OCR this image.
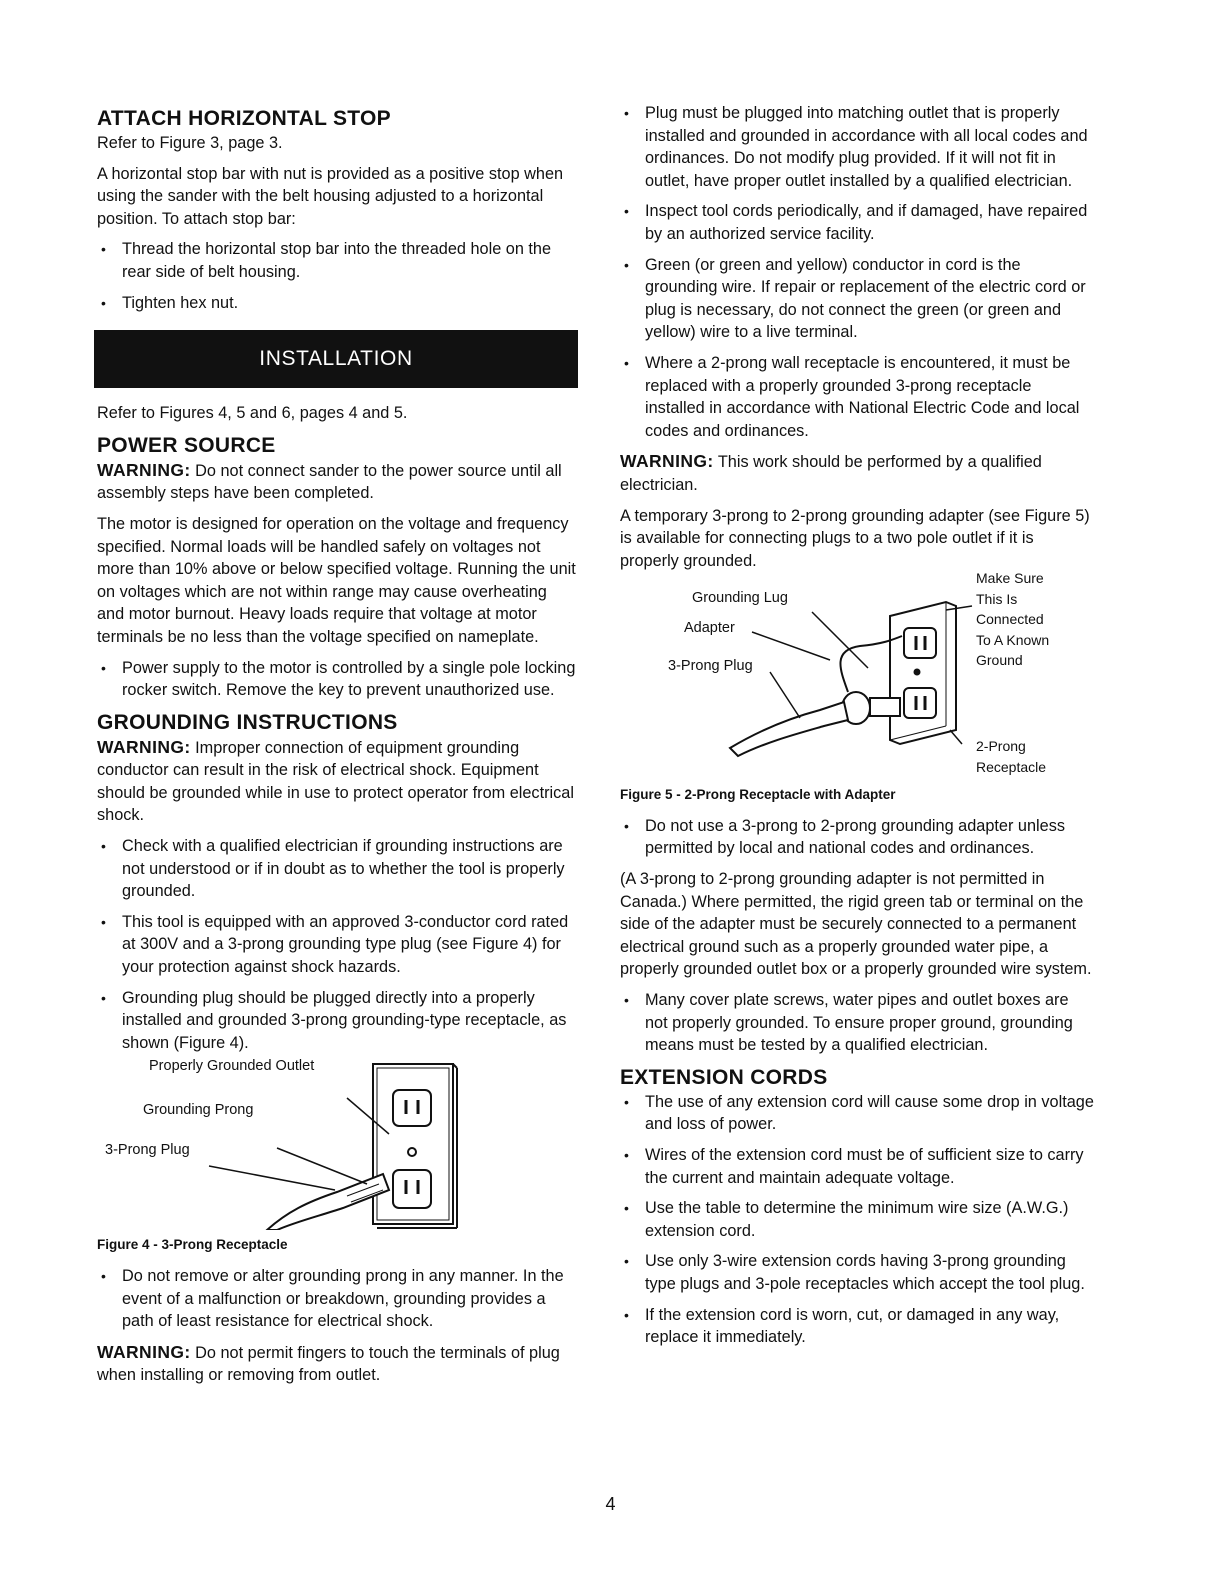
ATTACH HORIZONTAL STOP

Refer to Figure 3, page 3.

A horizontal stop bar with nut is provided as a positive stop when using the sander with the belt housing adjusted to a horizontal position. To attach stop bar:

• Thread the horizontal stop bar into the threaded hole on the rear side of belt housing.
• Tighten hex nut.
INSTALLATION

Refer to Figures 4, 5 and 6, pages 4 and 5.

POWER SOURCE

WARNING: Do not connect sander to the power source until all assembly steps have been completed.

The motor is designed for operation on the voltage and frequency specified. Normal loads will be handled safely on voltages not more than 10% above or below specified voltage. Running the unit on voltages which are not within range may cause overheating and motor burnout. Heavy loads require that voltage at motor terminals be no less than the voltage specified on nameplate.

• Power supply to the motor is controlled by a single pole locking rocker switch. Remove the key to prevent unauthorized use.
GROUNDING INSTRUCTIONS

WARNING: Improper connection of equipment grounding conductor can result in the risk of electrical shock. Equipment should be grounded while in use to protect operator from electrical shock.

• Check with a qualified electrician if grounding instructions are not understood or if in doubt as to whether the tool is properly grounded.
• This tool is equipped with an approved 3-conductor cord rated at 300V and a 3-prong grounding type plug (see Figure 4) for your protection against shock hazards.
• Grounding plug should be plugged directly into a properly installed and grounded 3-prong grounding-type receptacle, as shown (Figure 4).
Properly Grounded Outlet
Grounding Prong
3-Prong Plug
Figure 4 - 3-Prong Receptacle
• Do not remove or alter grounding prong in any manner. In the event of a malfunction or breakdown, grounding provides a path of least resistance for electrical shock.

WARNING: Do not permit fingers to touch the terminals of plug when installing or removing from outlet.

• Plug must be plugged into matching outlet that is properly installed and grounded in accordance with all local codes and ordinances. Do not modify plug provided. If it will not fit in outlet, have proper outlet installed by a qualified electrician.
• Inspect tool cords periodically, and if damaged, have repaired by an authorized service facility.
• Green (or green and yellow) conductor in cord is the grounding wire. If repair or replacement of the electric cord or plug is necessary, do not connect the green (or green and yellow) wire to a live terminal.
• Where a 2-prong wall receptacle is encountered, it must be replaced with a properly grounded 3-prong receptacle installed in accordance with National Electric Code and local codes and ordinances.

WARNING: This work should be performed by a qualified electrician.

A temporary 3-prong to 2-prong grounding adapter (see Figure 5) is available for connecting plugs to a two pole outlet if it is properly grounded.

Grounding Lug
Adapter
3-Prong Plug
Make Sure
This Is
Connected
To A Known
Ground
2-Prong
Receptacle
Figure 5 - 2-Prong Receptacle with Adapter
• Do not use a 3-prong to 2-prong grounding adapter unless permitted by local and national codes and ordinances.

(A 3-prong to 2-prong grounding adapter is not permitted in Canada.) Where permitted, the rigid green tab or terminal on the side of the adapter must be securely connected to a permanent electrical ground such as a properly grounded water pipe, a properly grounded outlet box or a properly grounded wire system.

• Many cover plate screws, water pipes and outlet boxes are not properly grounded. To ensure proper ground, grounding means must be tested by a qualified electrician.
EXTENSION CORDS
• The use of any extension cord will cause some drop in voltage and loss of power.
• Wires of the extension cord must be of sufficient size to carry the current and maintain adequate voltage.
• Use the table to determine the minimum wire size (A.W.G.) extension cord.
• Use only 3-wire extension cords having 3-prong grounding type plugs and 3-pole receptacles which accept the tool plug.
• If the extension cord is worn, cut, or damaged in any way, replace it immediately.
4
